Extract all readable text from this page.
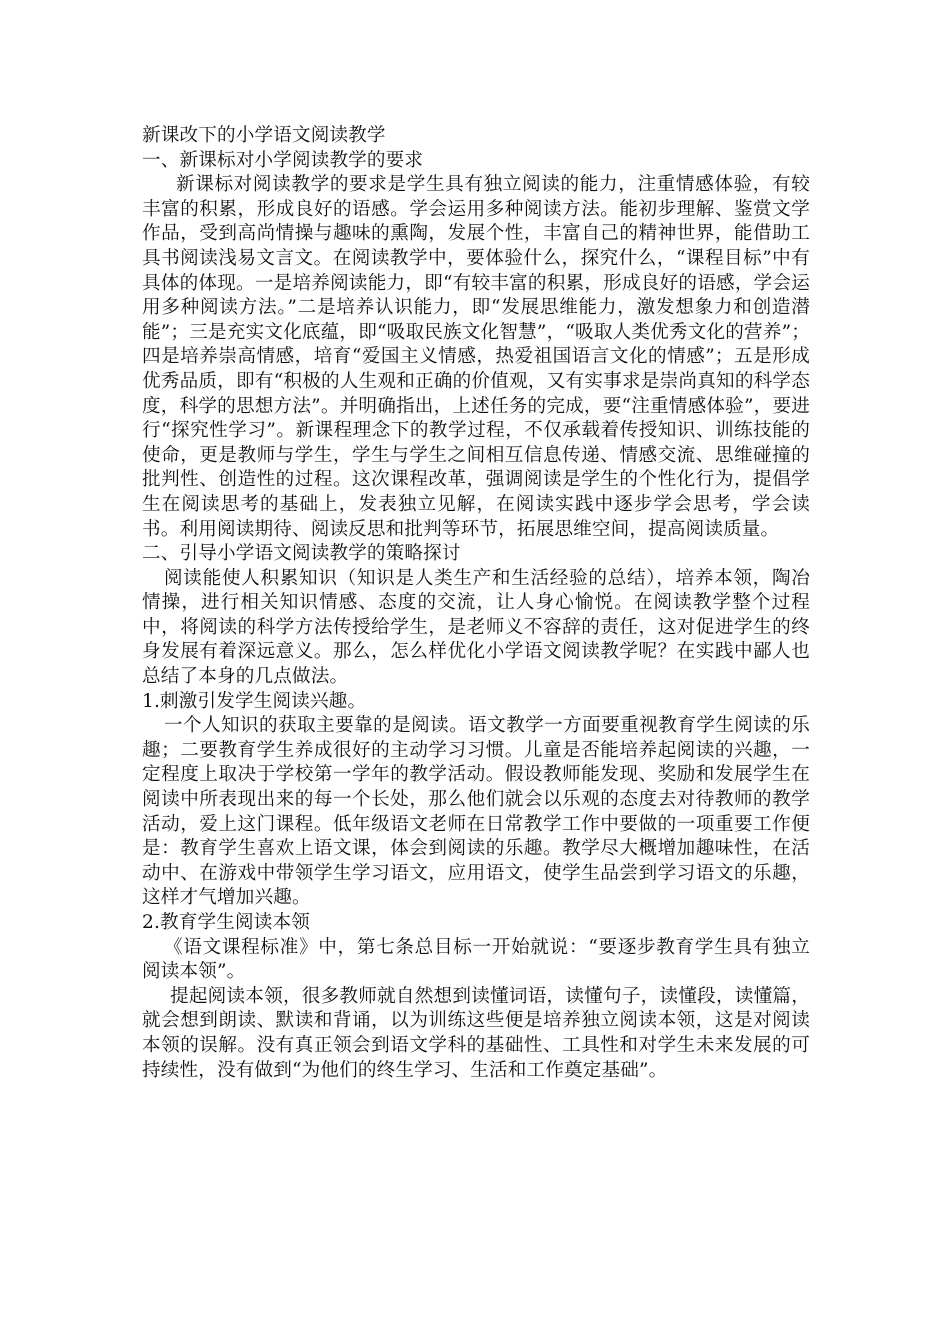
新课改下的小学语文阅读教学

一、新课标对小学阅读教学的要求

新课标对阅读教学的要求是学生具有独立阅读的能力，注重情感体验，有较丰富的积累，形成良好的语感。学会运用多种阅读方法。能初步理解、鉴赏文学作品，受到高尚情操与趣味的熏陶，发展个性，丰富自己的精神世界，能借助工具书阅读浅易文言文。在阅读教学中，要体验什么，探究什么，“课程目标”中有具体的体现。一是培养阅读能力，即“有较丰富的积累，形成良好的语感，学会运用多种阅读方法。”二是培养认识能力，即“发展思维能力，激发想象力和创造潜能”；三是充实文化底蕴，即“吸取民族文化智慧”，“吸取人类优秀文化的营养”；四是培养崇高情感，培育“爱国主义情感，热爱祖国语言文化的情感”；五是形成优秀品质，即有“积极的人生观和正确的价值观，又有实事求是崇尚真知的科学态度，科学的思想方法”。并明确指出，上述任务的完成，要“注重情感体验”，要进行“探究性学习”。新课程理念下的教学过程，不仅承载着传授知识、训练技能的使命，更是教师与学生，学生与学生之间相互信息传递、情感交流、思维碰撞的批判性、创造性的过程。这次课程改革，强调阅读是学生的个性化行为，提倡学生在阅读思考的基础上，发表独立见解，在阅读实践中逐步学会思考，学会读书。利用阅读期待、阅读反思和批判等环节，拓展思维空间，提高阅读质量。

二、引导小学语文阅读教学的策略探讨

阅读能使人积累知识（知识是人类生产和生活经验的总结），培养本领，陶冶情操，进行相关知识情感、态度的交流，让人身心愉悦。在阅读教学整个过程中，将阅读的科学方法传授给学生，是老师义不容辞的责任，这对促进学生的终身发展有着深远意义。那么，怎么样优化小学语文阅读教学呢？在实践中鄙人也总结了本身的几点做法。

1.刺激引发学生阅读兴趣。

一个人知识的获取主要靠的是阅读。语文教学一方面要重视教育学生阅读的乐趣；二要教育学生养成很好的主动学习习惯。儿童是否能培养起阅读的兴趣，一定程度上取决于学校第一学年的教学活动。假设教师能发现、奖励和发展学生在阅读中所表现出来的每一个长处，那么他们就会以乐观的态度去对待教师的教学活动，爱上这门课程。低年级语文老师在日常教学工作中要做的一项重要工作便是：教育学生喜欢上语文课，体会到阅读的乐趣。教学尽大概增加趣味性，在活动中、在游戏中带领学生学习语文，应用语文，使学生品尝到学习语文的乐趣，这样才气增加兴趣。

2.教育学生阅读本领

《语文课程标准》中，第七条总目标一开始就说：“要逐步教育学生具有独立阅读本领”。

提起阅读本领，很多教师就自然想到读懂词语，读懂句子，读懂段，读懂篇，就会想到朗读、默读和背诵，以为训练这些便是培养独立阅读本领，这是对阅读本领的误解。没有真正领会到语文学科的基础性、工具性和对学生未来发展的可持续性，没有做到“为他们的终生学习、生活和工作奠定基础”。
